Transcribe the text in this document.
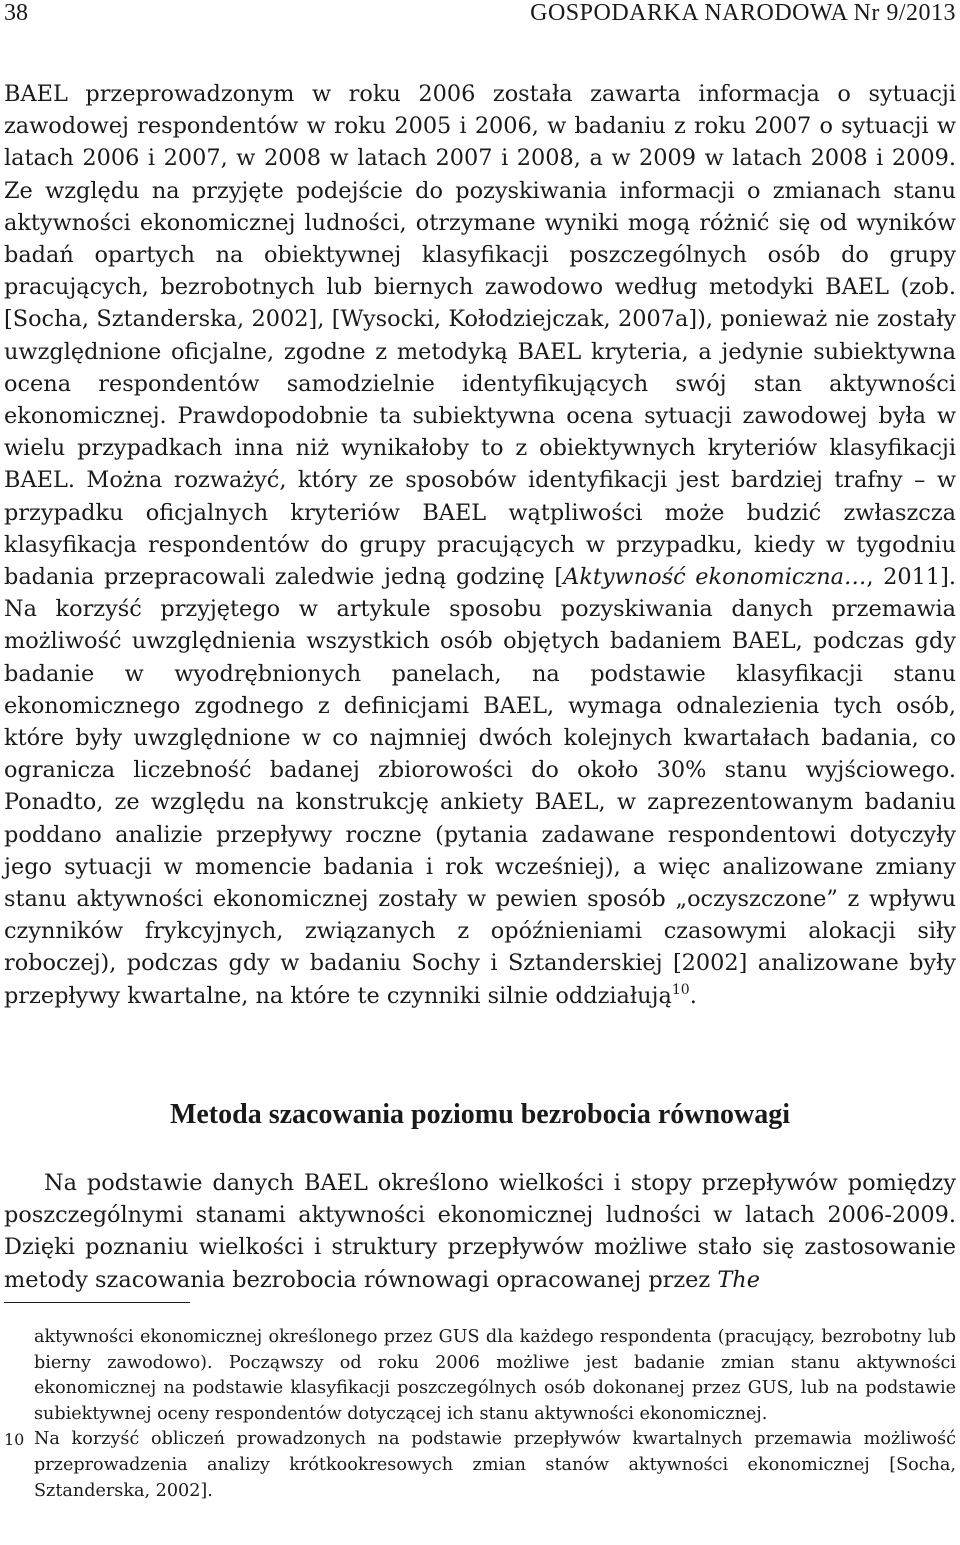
38	GOSPODARKA NARODOWA Nr 9/2013

BAEL przeprowadzonym w roku 2006 została zawarta informacja o sytuacji zawodowej respondentów w roku 2005 i 2006, w badaniu z roku 2007 o sytuacji w latach 2006 i 2007, w 2008 w latach 2007 i 2008, a w 2009 w latach 2008 i 2009. Ze względu na przyjęte podejście do pozyskiwania informacji o zmianach stanu aktywności ekonomicznej ludności, otrzymane wyniki mogą różnić się od wyników badań opartych na obiektywnej klasyfikacji poszczególnych osób do grupy pracujących, bezrobotnych lub biernych zawodowo według metodyki BAEL (zob. [Socha, Sztanderska, 2002], [Wysocki, Kołodziejczak, 2007a]), ponieważ nie zostały uwzględnione oficjalne, zgodne z metodyką BAEL kryteria, a jedynie subiektywna ocena respondentów samodzielnie identyfikujących swój stan aktywności ekonomicznej. Prawdopodobnie ta subiektywna ocena sytuacji zawodowej była w wielu przypadkach inna niż wynikałoby to z obiektywnych kryteriów klasyfikacji BAEL. Można rozważyć, który ze sposobów identyfikacji jest bardziej trafny – w przypadku oficjalnych kryteriów BAEL wątpliwości może budzić zwłaszcza klasyfikacja respondentów do grupy pracujących w przypadku, kiedy w tygodniu badania przepracowali zaledwie jedną godzinę [Aktywność ekonomiczna…, 2011]. Na korzyść przyjętego w artykule sposobu pozyskiwania danych przemawia możliwość uwzględnienia wszystkich osób objętych badaniem BAEL, podczas gdy badanie w wyodrębnionych panelach, na podstawie klasyfikacji stanu ekonomicznego zgodnego z definicjami BAEL, wymaga odnalezienia tych osób, które były uwzględnione w co najmniej dwóch kolejnych kwartałach badania, co ogranicza liczebność badanej zbiorowości do około 30% stanu wyjściowego. Ponadto, ze względu na konstrukcję ankiety BAEL, w zaprezentowanym badaniu poddano analizie przepływy roczne (pytania zadawane respondentowi dotyczyły jego sytuacji w momencie badania i rok wcześniej), a więc analizowane zmiany stanu aktywności ekonomicznej zostały w pewien sposób „oczyszczone” z wpływu czynników frykcyjnych, związanych z opóźnieniami czasowymi alokacji siły roboczej), podczas gdy w badaniu Sochy i Sztanderskiej [2002] analizowane były przepływy kwartalne, na które te czynniki silnie oddziałują$^{10}$.

Metoda szacowania poziomu bezrobocia równowagi

Na podstawie danych BAEL określono wielkości i stopy przepływów pomiędzy poszczególnymi stanami aktywności ekonomicznej ludności w latach 2006-2009. Dzięki poznaniu wielkości i struktury przepływów możliwe stało się zastosowanie metody szacowania bezrobocia równowagi opracowanej przez The

aktywności ekonomicznej określonego przez GUS dla każdego respondenta (pracujący, bezrobotny lub bierny zawodowo). Począwszy od roku 2006 możliwe jest badanie zmian stanu aktywności ekonomicznej na podstawie klasyfikacji poszczególnych osób dokonanej przez GUS, lub na podstawie subiektywnej oceny respondentów dotyczącej ich stanu aktywności ekonomicznej.

10 Na korzyść obliczeń prowadzonych na podstawie przepływów kwartalnych przemawia możliwość przeprowadzenia analizy krótkookresowych zmian stanów aktywności ekonomicznej [Socha, Sztanderska, 2002].
